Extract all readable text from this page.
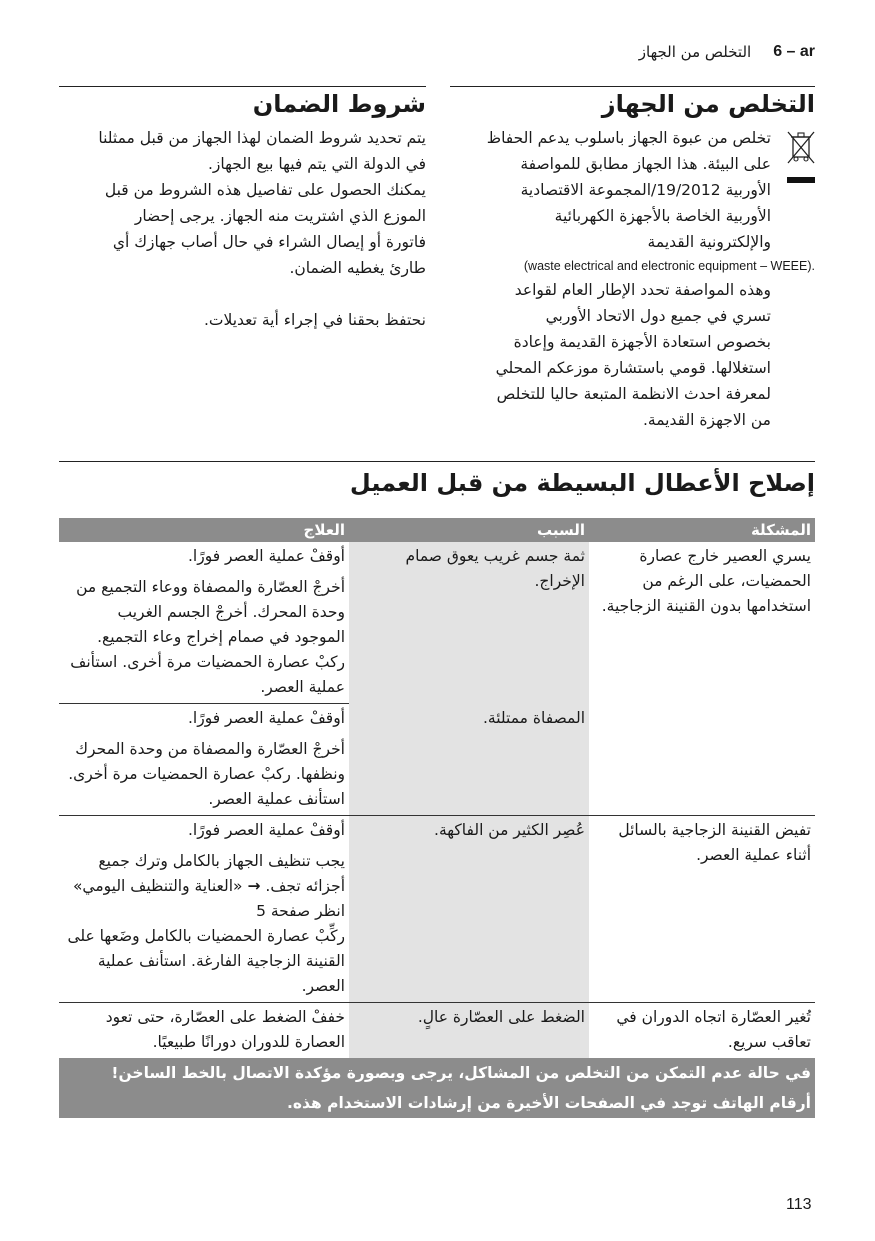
التخلص من الجهاز 6 – ar
التخلص من الجهاز
تخلص من عبوة الجهاز باسلوب يدعم الحفاظ
على البيئة. هذا الجهاز مطابق للمواصفة
الأوربية 19/2012/المجموعة الاقتصادية
الأوربية الخاصة بالأجهزة الكهربائية
والإلكترونية القديمة
(waste electrical and electronic equipment – WEEE).
وهذه المواصفة تحدد الإطار العام لقواعد
تسري في جميع دول الاتحاد الأوربي
بخصوص استعادة الأجهزة القديمة وإعادة
استغلالها. قومي باستشارة موزعكم المحلي
لمعرفة احدث الانظمة المتبعة حاليا للتخلص
من الاجهزة القديمة.
شروط الضمان
يتم تحديد شروط الضمان لهذا الجهاز من قبل ممثلنا
في الدولة التي يتم فيها بيع الجهاز.
يمكنك الحصول على تفاصيل هذه الشروط من قبل
الموزع الذي اشتريت منه الجهاز. يرجى إحضار
فاتورة أو إيصال الشراء في حال أصاب جهازك أي
طارئ يغطيه الضمان.
نحتفظ بحقنا في إجراء أية تعديلات.
إصلاح الأعطال البسيطة من قبل العميل
المشكلة	السبب	العلاج
يسري العصير خارج عصارة الحمضيات، على الرغم من استخدامها بدون القنينة الزجاجية.	ثمة جسم غريب يعوق صمام الإخراج.	أوقفْ عملية العصر فورًا.

أخرجْ العصّارة والمصفاة ووعاء التجميع من وحدة المحرك. أخرجْ الجسم الغريب الموجود في صمام إخراج وعاء التجميع. ركبْ عصارة الحمضيات مرة أخرى. استأنف عملية العصر.

	المصفاة ممتلئة.	أوقفْ عملية العصر فورًا.

أخرجْ العصّارة والمصفاة من وحدة المحرك ونظفها. ركبْ عصارة الحمضيات مرة أخرى. استأنف عملية العصر.

تفيض القنينة الزجاجية بالسائل أثناء عملية العصر.	عُصِر الكثير من الفاكهة.	أوقفْ عملية العصر فورًا.

يجب تنظيف الجهاز بالكامل وترك جميع أجزائه تجف. → «العناية والتنظيف اليومي» انظر صفحة 5

ركِّبْ عصارة الحمضيات بالكامل وضَعها على القنينة الزجاجية الفارغة. استأنف عملية العصر.

تُغير العصّارة اتجاه الدوران في تعاقب سريع.	الضغط على العصّارة عالٍ.	خففْ الضغط على العصّارة، حتى تعود العصارة للدوران دورانًا طبيعيًا.

في حالة عدم التمكن من التخلص من المشاكل، يرجى وبصورة مؤكدة الاتصال بالخط الساخن!
أرقام الهاتف توجد في الصفحات الأخيرة من إرشادات الاستخدام هذه.
113
